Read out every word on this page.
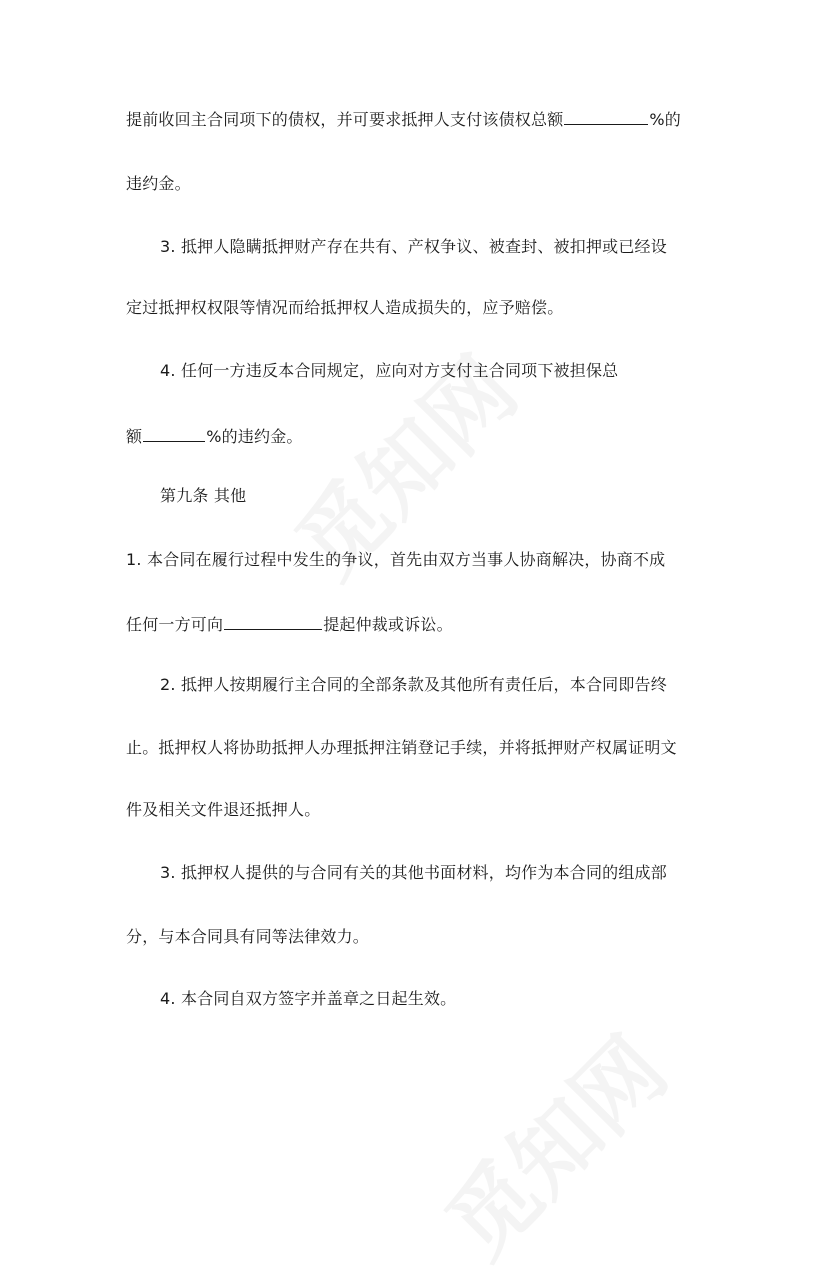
提前收回主合同项下的债权，并可要求抵押人支付该债权总额	%的

违约金。

3. 抵押人隐瞒抵押财产存在共有、产权争议、被查封、被扣押或已经设

定过抵押权权限等情况而给抵押权人造成损失的，应予赔偿。

4. 任何一方违反本合同规定，应向对方支付主合同项下被担保总

额	%的违约金。

第九条 其他

1. 本合同在履行过程中发生的争议，首先由双方当事人协商解决，协商不成

任何一方可向	提起仲裁或诉讼。

2. 抵押人按期履行主合同的全部条款及其他所有责任后，本合同即告终

止。抵押权人将协助抵押人办理抵押注销登记手续，并将抵押财产权属证明文

件及相关文件退还抵押人。

3. 抵押权人提供的与合同有关的其他书面材料，均作为本合同的组成部

分，与本合同具有同等法律效力。

4. 本合同自双方签字并盖章之日起生效。
